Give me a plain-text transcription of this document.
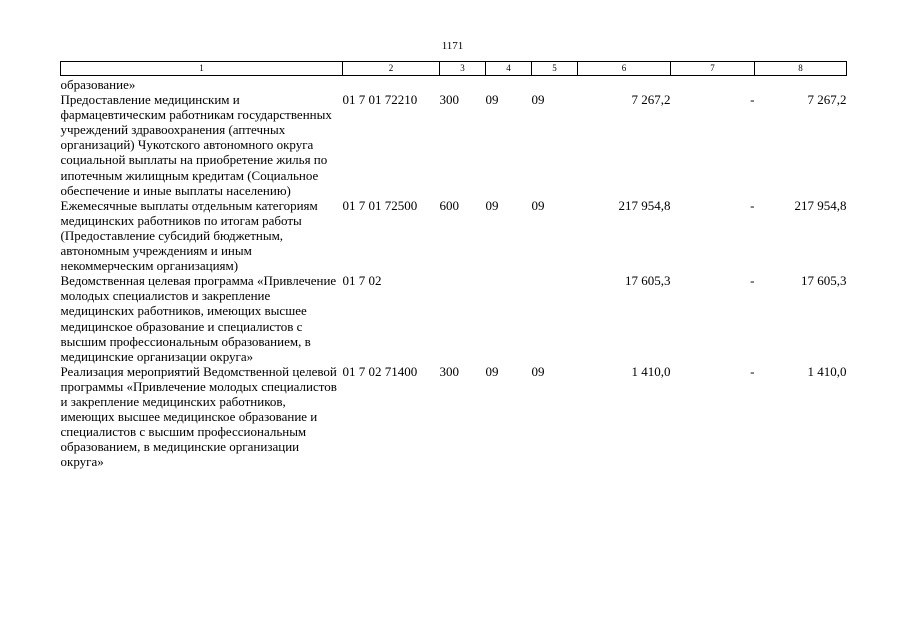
1171
1	2	3	4	5	6	7	8
образование»							
Предоставление медицинским и фармацевтическим работникам государственных учреждений здравоохранения (аптечных организаций) Чукотского автономного округа социальной выплаты на приобретение жилья по ипотечным жилищным кредитам (Социальное обеспечение и иные выплаты населению)	01 7 01 72210	300	09	09	7 267,2	-	7 267,2
Ежемесячные выплаты отдельным категориям медицинских работников по итогам работы (Предоставление субсидий бюджетным, автономным учреждениям и иным некоммерческим организациям)	01 7 01 72500	600	09	09	217 954,8	-	217 954,8
Ведомственная целевая программа «Привлечение молодых специалистов и закрепление медицинских работников, имеющих высшее медицинское образование и специалистов с высшим профессиональным образованием, в медицинские организации округа»	01 7 02				17 605,3	-	17 605,3
Реализация мероприятий Ведомственной целевой программы «Привлечение молодых специалистов и закрепление медицинских работников, имеющих высшее медицинское образование и специалистов с высшим профессиональным образованием, в медицинские организации округа»	01 7 02 71400	300	09	09	1 410,0	-	1 410,0
